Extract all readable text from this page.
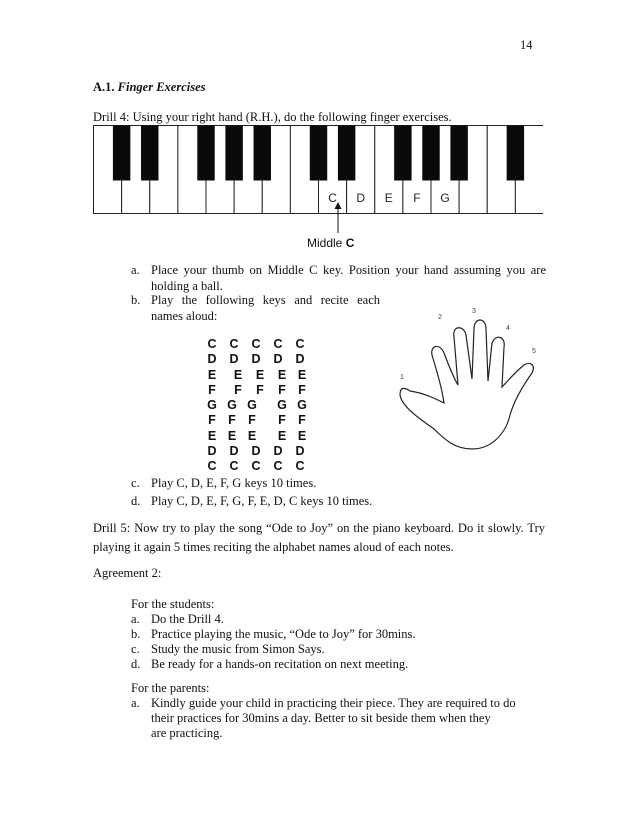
14
A.1. Finger Exercises
Drill 4: Using your right hand (R.H.), do the following finger exercises.
C D E F G
Middle C
a. Place your thumb on Middle C key. Position your hand assuming you are
holding a ball.
b. Play the following keys and recite each
names aloud:
C C C C C
D D D D D
E E E E E
F F F F F
G G G G G
F F F F F
E E E E E
D D D D D
C C C C C
1
2
3
4
5
c. Play C, D, E, F, G keys 10 times.
d. Play C, D, E, F, G, F, E, D, C keys 10 times.
Drill 5: Now try to play the song “Ode to Joy” on the piano keyboard. Do it slowly. Try
playing it again 5 times reciting the alphabet names aloud of each notes.
Agreement 2:
For the students:
a. Do the Drill 4.
b. Practice playing the music, “Ode to Joy” for 30mins.
c. Study the music from Simon Says.
d. Be ready for a hands-on recitation on next meeting.
For the parents:
a. Kindly guide your child in practicing their piece. They are required to do
their practices for 30mins a day. Better to sit beside them when they
are practicing.
